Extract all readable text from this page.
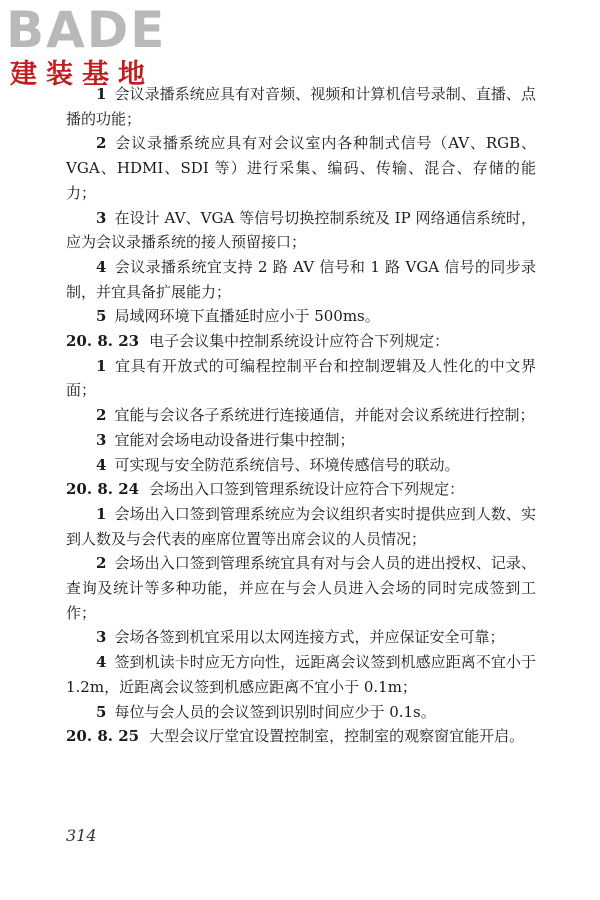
BADE
建装基地

1 会议录播系统应具有对音频、视频和计算机信号录制、直播、点播的功能；

2 会议录播系统应具有对会议室内各种制式信号（AV、RGB、VGA、HDMI、SDI 等）进行采集、编码、传输、混合、存储的能力；

3 在设计 AV、VGA 等信号切换控制系统及 IP 网络通信系统时，应为会议录播系统的接人预留接口；

4 会议录播系统宜支持 2 路 AV 信号和 1 路 VGA 信号的同步录制，并宜具备扩展能力；

5 局域网环境下直播延时应小于 500ms。

20. 8. 23 电子会议集中控制系统设计应符合下列规定：

1 宜具有开放式的可编程控制平台和控制逻辑及人性化的中文界面；

2 宜能与会议各子系统进行连接通信，并能对会议系统进行控制；

3 宜能对会场电动设备进行集中控制；

4 可实现与安全防范系统信号、环境传感信号的联动。

20. 8. 24 会场出入口签到管理系统设计应符合下列规定：

1 会场出入口签到管理系统应为会议组织者实时提供应到人数、实到人数及与会代表的座席位置等出席会议的人员情况；

2 会场出入口签到管理系统宜具有对与会人员的进出授权、记录、查询及统计等多种功能，并应在与会人员进入会场的同时完成签到工作；

3 会场各签到机宜采用以太网连接方式，并应保证安全可靠；

4 签到机读卡时应无方向性，远距离会议签到机感应距离不宜小于 1.2m，近距离会议签到机感应距离不宜小于 0.1m；

5 每位与会人员的会议签到识别时间应少于 0.1s。

20. 8. 25 大型会议厅堂宜设置控制室，控制室的观察窗宜能开启。

314
